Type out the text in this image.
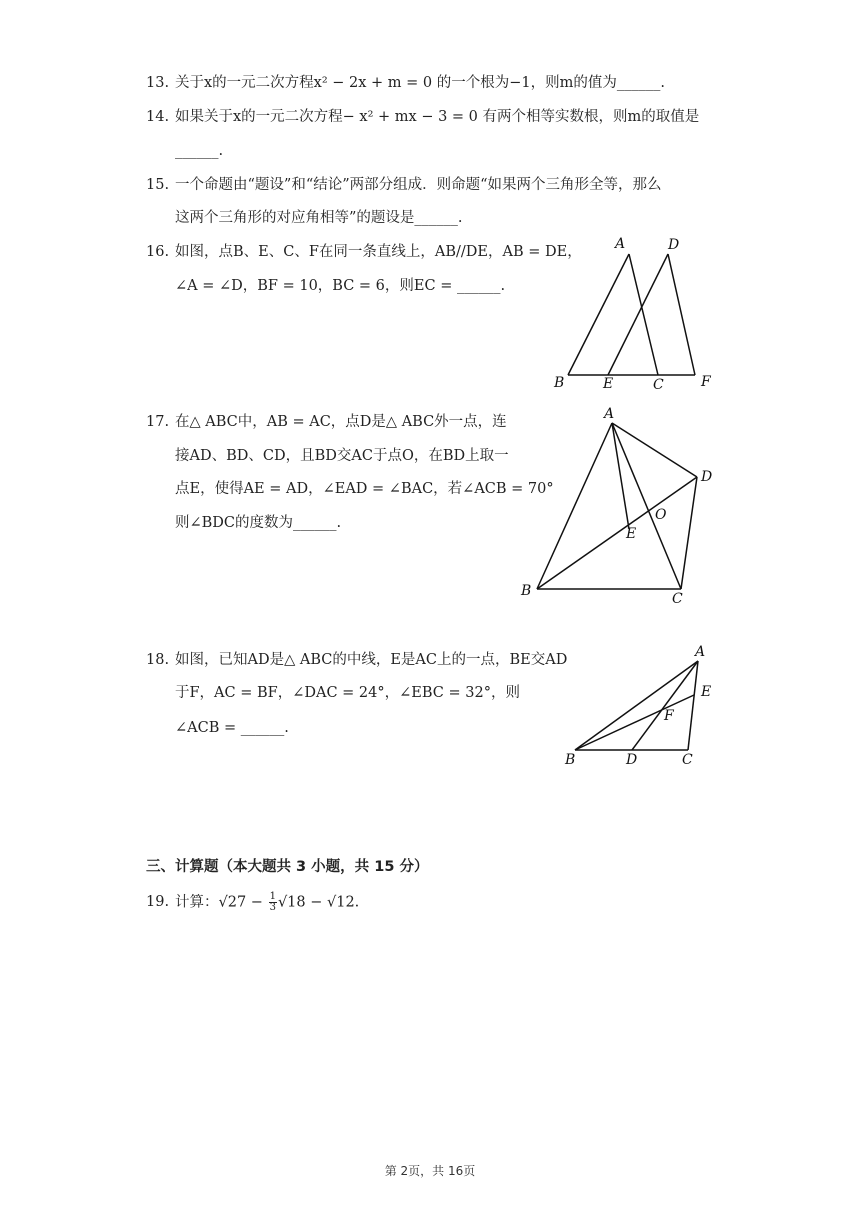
13. 关于x的一元二次方程x² − 2x + m = 0 的一个根为−1，则m的值为______.
14. 如果关于x的一元二次方程− x² + mx − 3 = 0 有两个相等实数根，则m的取值是
______.
15. 一个命题由“题设”和“结论”两部分组成．则命题“如果两个三角形全等，那么
这两个三角形的对应角相等”的题设是______.
16. 如图，点B、E、C、F在同一条直线上，AB//DE，AB = DE，
∠A = ∠D，BF = 10，BC = 6，则EC = ______.
A	D
B	E	C	F
17. 在△ ABC中，AB = AC，点D是△ ABC外一点，连
接AD、BD、CD，且BD交AC于点O，在BD上取一
点E，使得AE = AD，∠EAD = ∠BAC，若∠ACB = 70°
则∠BDC的度数为______.
A
D
O
E
B	C
18. 如图，已知AD是△ ABC的中线，E是AC上的一点，BE交AD
于F，AC = BF，∠DAC = 24°，∠EBC = 32°，则
∠ACB = ______.
A
E
F
B	D	C
三、计算题（本大题共 3 小题，共 15 分）
19. 计算：$√27 - \frac{1}{3} √18 - √12$.
第 2页，共 16页
